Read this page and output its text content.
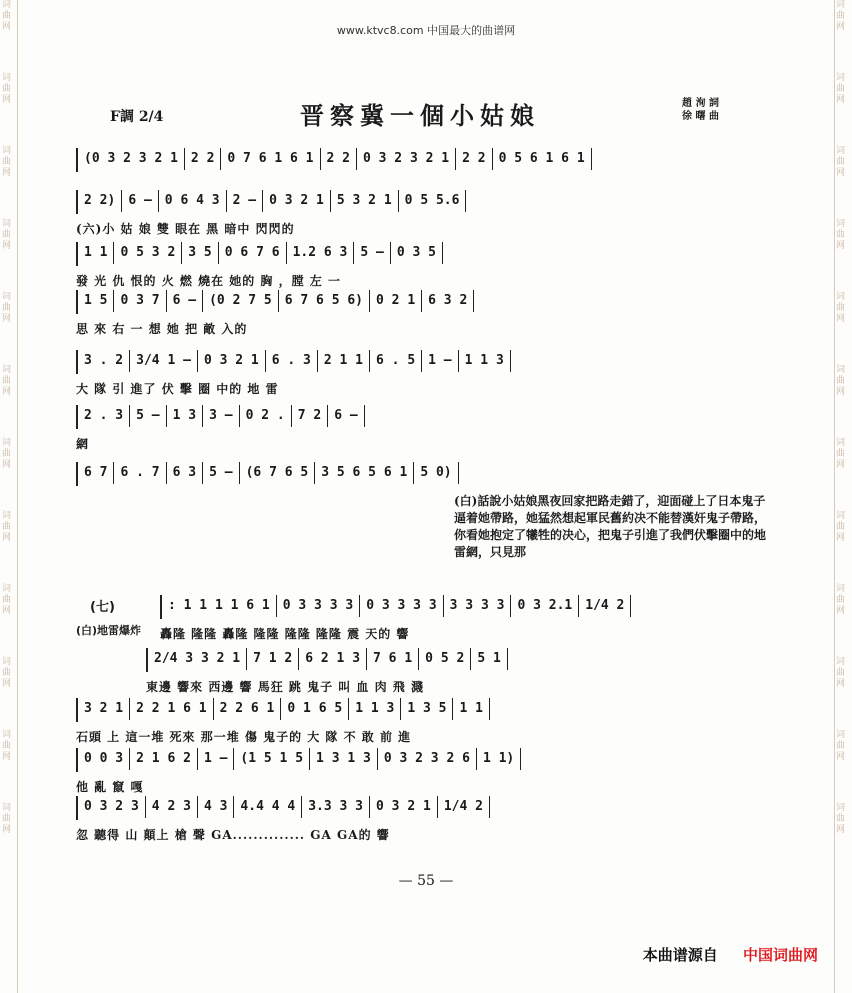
词曲网
词曲网
词曲网
词曲网
词曲网
词曲网
词曲网
词曲网
词曲网
词曲网
词曲网
词曲网
词曲网
词曲网
词曲网
词曲网
词曲网
词曲网
词曲网
词曲网
词曲网
词曲网
词曲网
词曲网
www.ktvc8.com 中国最大的曲谱网
F調 2/4	晋察冀一個小姑娘	趙 洵 詞
徐 曙 曲
(0 3 2 3 2 1 2 2 0 7 6 1 6 1 2 2 0 3 2 3 2 1 2 2 0 5 6 1 6 1
2 2) 6 — 0 6 4 3 2 — 0 3 2 1 5 3 2 1 0 5 5.6
(六)小 姑 娘 雙 眼在 黑 暗中 閃閃的
1 1 0 5 3 2 3 5 0 6 7 6 1.2 6 3 5 — 0 3 5
發 光 仇 恨的 火 燃 燒在 她的 胸 ，膛 左 一
1 5 0 3 7 6 — (0 2 7 5 6 7 6 5 6) 0 2 1 6 3 2
思 來 右 一 想 她 把 敵 入的
3 . 2 3/4 1 — 0 3 2 1 6 . 3 2 1 1 6 . 5 1 — 1 1 3
大 隊 引 進了 伏 擊 圈 中的 地 雷
2 . 3 5 — 1 3 3 — 0 2 . 7 2 6 —
網
6 7 6 . 7 6 3 5 — (6 7 6 5 3 5 6 5 6 1 5 0)
: 1 1 1 1 6 1 0 3 3 3 3 0 3 3 3 3 3 3 3 3 0 3 2.1 1/4 2
轟隆 隆隆 轟隆 隆隆 隆隆 隆隆 震 天的 響
2/4 3 3 2 1 7 1 2 6 2 1 3 7 6 1 0 5 2 5 1
東邊 響來 西邊 響 馬狂 跳 鬼子 叫 血 肉 飛 濺
3 2 1 2 2 1 6 1 2 2 6 1 0 1 6 5 1 1 3 1 3 5 1 1
石頭 上 這一堆 死來 那一堆 傷 鬼子的 大 隊 不 敢 前 進
0 0 3 2 1 6 2 1 — (1 5 1 5 1 3 1 3 0 3 2 3 2 6 1 1)
他 亂 竄 嘎
0 3 2 3 4 2 3 4 3 4.4 4 4 3.3 3 3 0 3 2 1 1/4 2
忽 聽得 山 顛上 槍 聲 GA.............. GA GA的 響
(白)話說小姑娘黑夜回家把路走錯了，迎面碰上了日本鬼子逼着她帶路，她猛然想起軍民舊約决不能替漢奸鬼子帶路，你看她抱定了犧牲的决心，把鬼子引進了我們伏擊圈中的地雷網，只見那
(七)
(白)地雷爆炸
— 55 —
本曲谱源自 中国词曲网
